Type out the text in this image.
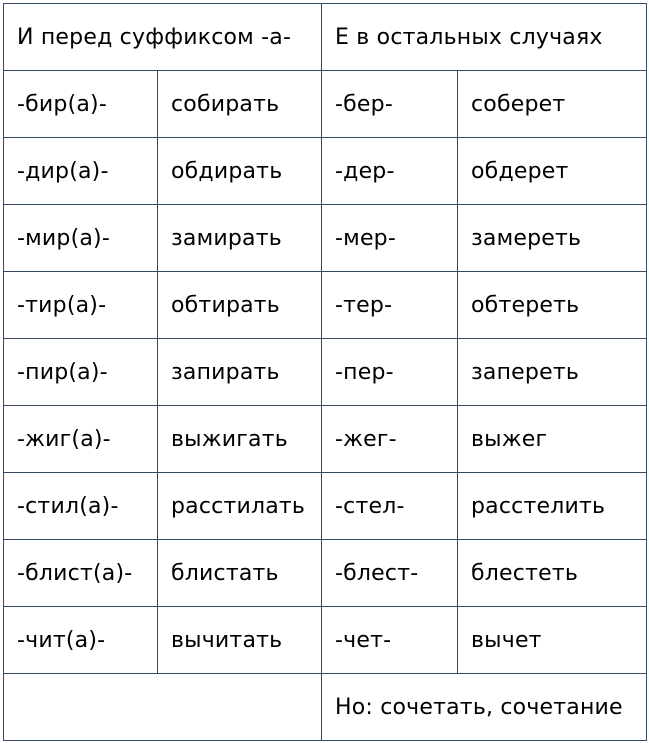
И перед суффиксом -а-		Е в остальных случаях	
-бир(а)-	собирать	-бер-	соберет
-дир(а)-	обдирать	-дер-	обдерет
-мир(а)-	замирать	-мер-	замереть
-тир(а)-	обтирать	-тер-	обтереть
-пир(а)-	запирать	-пер-	запереть
-жиг(а)-	выжигать	-жег-	выжег
-стил(а)-	расстилать	-стел-	расстелить
-блист(а)-	блистать	-блест-	блестеть
-чит(а)-	вычитать	-чет-	вычет
		Но: сочетать, сочетание	
